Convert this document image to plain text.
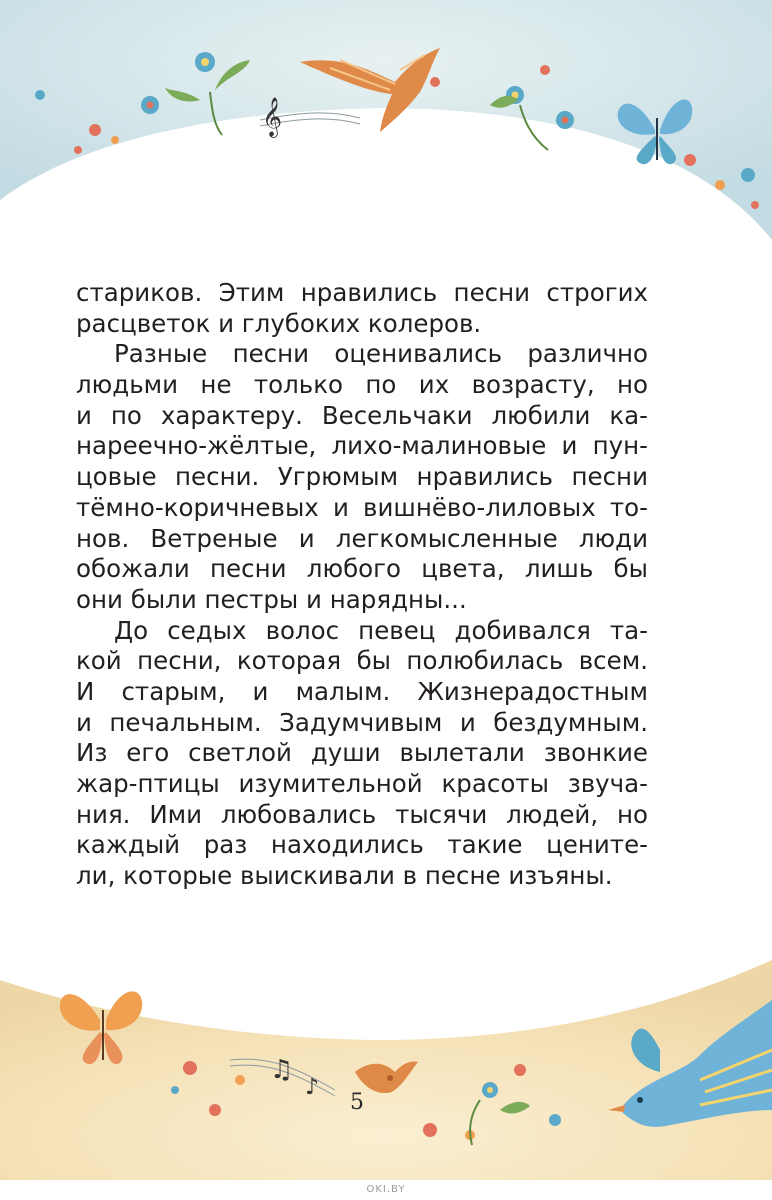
𝄞
стариков. Этим нравились песни строгих
расцветок и глубоких колеров.
Разные песни оценивались различно
людьми не только по их возрасту, но
и по характеру. Весельчаки любили ка-
нареечно-жёлтые, лихо-малиновые и пун-
цовые песни. Угрюмым нравились песни
тёмно-коричневых и вишнёво-лиловых то-
нов. Ветреные и легкомысленные люди
обожали песни любого цвета, лишь бы
они были пестры и нарядны...
До седых волос певец добивался та-
кой песни, которая бы полюбилась всем.
И старым, и малым. Жизнерадостным
и печальным. Задумчивым и бездумным.
Из его светлой души вылетали звонкие
жар-птицы изумительной красоты звуча-
ния. Ими любовались тысячи людей, но
каждый раз находились такие цените-
ли, которые выискивали в песне изъяны.
♫
♪
5
OKI.BY
